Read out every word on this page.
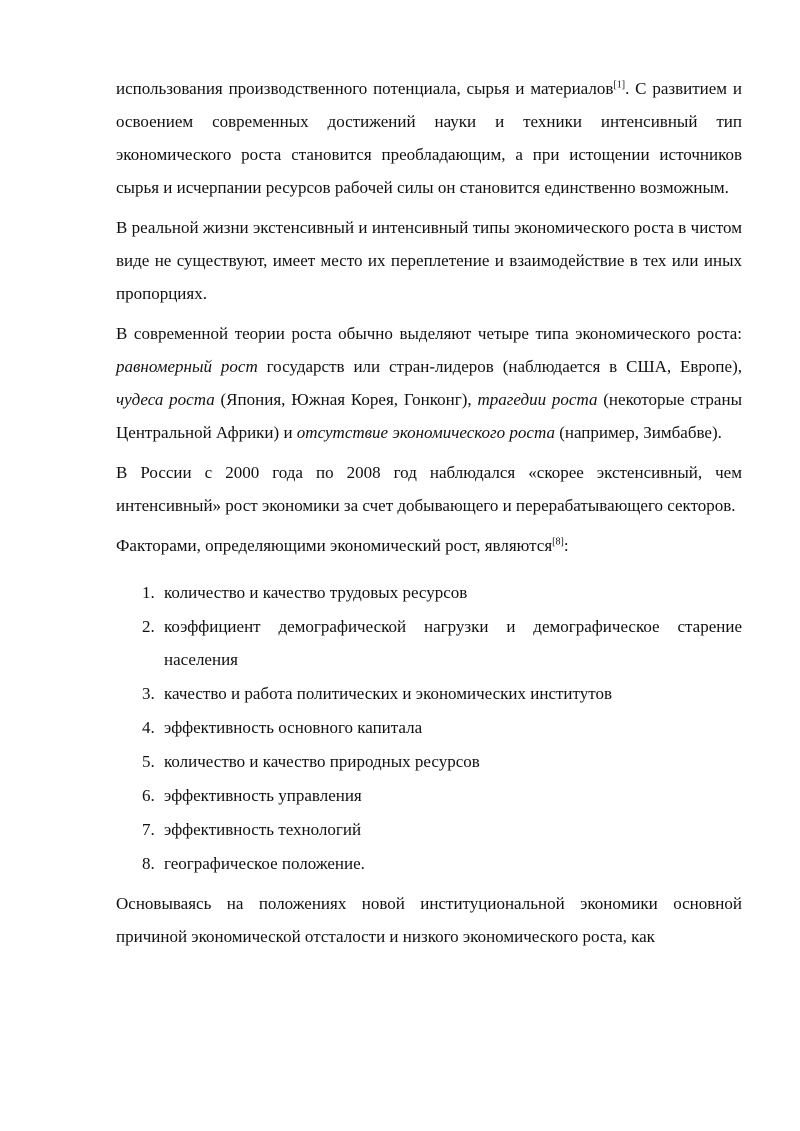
использования производственного потенциала, сырья и материалов[1]. С развитием и освоением современных достижений науки и техники интенсивный тип экономического роста становится преобладающим, а при истощении источников сырья и исчерпании ресурсов рабочей силы он становится единственно возможным.

В реальной жизни экстенсивный и интенсивный типы экономического роста в чистом виде не существуют, имеет место их переплетение и взаимодействие в тех или иных пропорциях.

В современной теории роста обычно выделяют четыре типа экономического роста: равномерный рост государств или стран-лидеров (наблюдается в США, Европе), чудеса роста (Япония, Южная Корея, Гонконг), трагедии роста (некоторые страны Центральной Африки) и отсутствие экономического роста (например, Зимбабве).

В России с 2000 года по 2008 год наблюдался «скорее экстенсивный, чем интенсивный» рост экономики за счет добывающего и перерабатывающего секторов.

Факторами, определяющими экономический рост, являются[8]:

1. количество и качество трудовых ресурсов
2. коэффициент демографической нагрузки и демографическое старение населения
3. качество и работа политических и экономических институтов
4. эффективность основного капитала
5. количество и качество природных ресурсов
6. эффективность управления
7. эффективность технологий
8. географическое положение.

Основываясь на положениях новой институциональной экономики основной причиной экономической отсталости и низкого экономического роста, как
